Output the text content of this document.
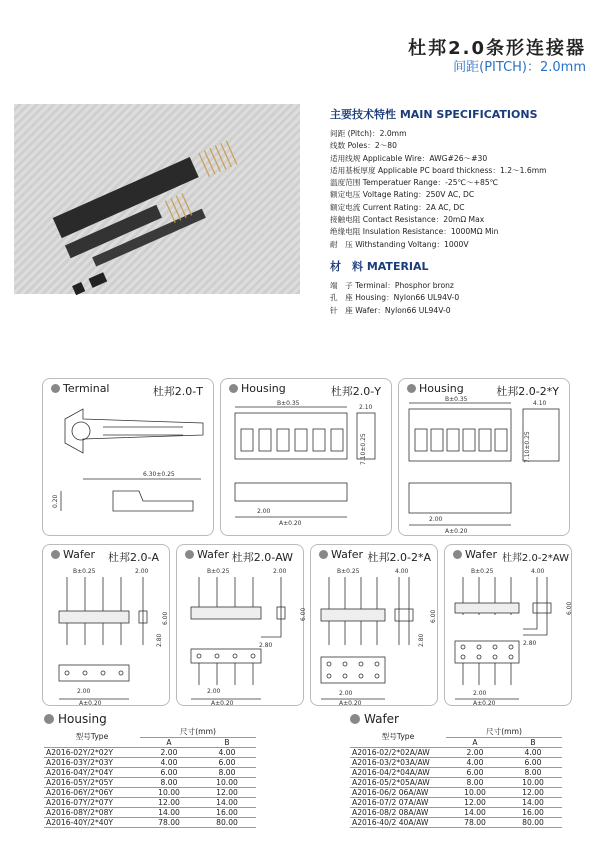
杜邦2.0条形连接器
间距(PITCH)：2.0mm
主要技术特性 MAIN SPECIFICATIONS
间距 (Pitch)：2.0mm
线数 Poles：2～80
适用线规 Applicable Wire：AWG#26～#30
适用基板厚度 Applicable PC board thickness：1.2～1.6mm
温度范围 Temperatuer Range：-25℃～+85℃
额定电压 Voltage Rating：250V AC, DC
额定电流 Current Rating：2A AC, DC
接触电阻 Contact Resistance：20mΩ Max
绝缘电阻 Insulation Resistance：1000MΩ Min
耐　压 Withstanding Voltang：1000V
材　料 MATERIAL
端　子 Terminal：Phosphor bronz
孔　座 Housing：Nylon66 UL94V-0
针　座 Wafer：Nylon66 UL94V-0
6.30±0.25
0.20
Terminal	杜邦2.0-T
B±0.35
2.10
7.10±0.25
2.00
A±0.20
Housing	杜邦2.0-Y
B±0.35
4.10
7.10±0.25
2.00
A±0.20
Housing	杜邦2.0-2*Y
B±0.25	2.00
6.00
2.80
2.00
A±0.20
Wafer 杜邦2.0-A
B±0.25	2.00
6.00
2.80
2.00
A±0.20
Wafer 杜邦2.0-AW
B±0.25	4.00
6.00
2.80
2.00
A±0.20
Wafer 杜邦2.0-2*A
B±0.25	4.00
6.00
2.80
2.00
A±0.20
Wafer 杜邦2.0-2*AW
Housing
型号Type	尺寸(mm)	
	A	B
A2016-02Y/2*02Y	2.00	4.00
A2016-03Y/2*03Y	4.00	6.00
A2016-04Y/2*04Y	6.00	8.00
A2016-05Y/2*05Y	8.00	10.00
A2016-06Y/2*06Y	10.00	12.00
A2016-07Y/2*07Y	12.00	14.00
A2016-08Y/2*08Y	14.00	16.00
A2016-40Y/2*40Y	78.00	80.00
Wafer
型号Type	尺寸(mm)	
	A	B
A2016-02/2*02A/AW	2.00	4.00
A2016-03/2*03A/AW	4.00	6.00
A2016-04/2*04A/AW	6.00	8.00
A2016-05/2*05A/AW	8.00	10.00
A2016-06/2 06A/AW	10.00	12.00
A2016-07/2 07A/AW	12.00	14.00
A2016-08/2 08A/AW	14.00	16.00
A2016-40/2 40A/AW	78.00	80.00
